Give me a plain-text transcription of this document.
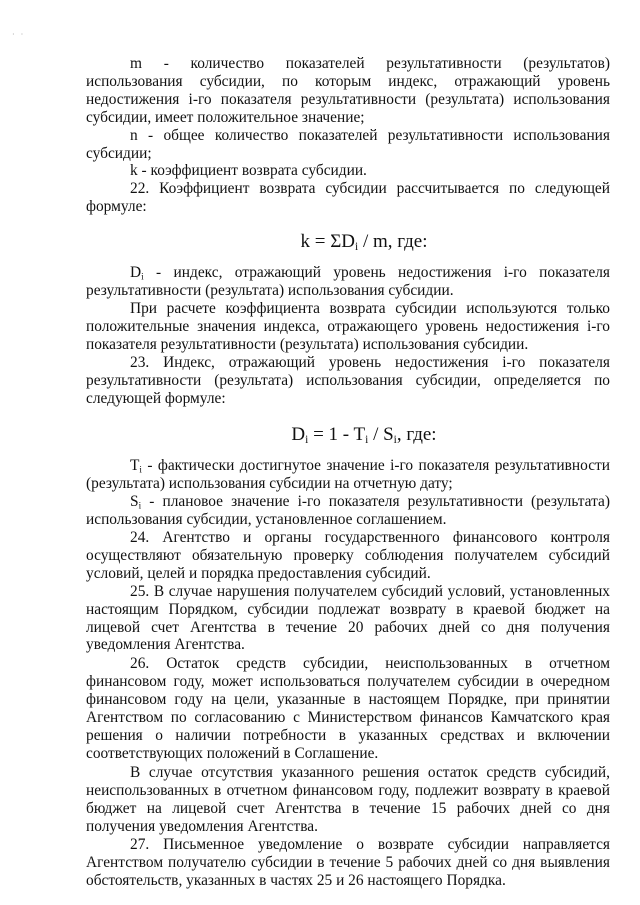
· ·

m - количество показателей результативности (результатов) использования субсидии, по которым индекс, отражающий уровень недостижения i-го показателя результативности (результата) использования субсидии, имеет положительное значение;

n - общее количество показателей результативности использования субсидии;

k - коэффициент возврата субсидии.

22. Коэффициент возврата субсидии рассчитывается по следующей формуле:

$k = \Sigma D_i / m$, где:

$D_i$ - индекс, отражающий уровень недостижения i-го показателя результативности (результата) использования субсидии.

При расчете коэффициента возврата субсидии используются только положительные значения индекса, отражающего уровень недостижения i-го показателя результативности (результата) использования субсидии.

23. Индекс, отражающий уровень недостижения i-го показателя результативности (результата) использования субсидии, определяется по следующей формуле:

$D_i = 1 - T_i / S_i$, где:

$T_i$ - фактически достигнутое значение i-го показателя результативности (результата) использования субсидии на отчетную дату;

$S_i$ - плановое значение i-го показателя результативности (результата) использования субсидии, установленное соглашением.

24. Агентство и органы государственного финансового контроля осуществляют обязательную проверку соблюдения получателем субсидий условий, целей и порядка предоставления субсидий.

25. В случае нарушения получателем субсидий условий, установленных настоящим Порядком, субсидии подлежат возврату в краевой бюджет на лицевой счет Агентства в течение 20 рабочих дней со дня получения уведомления Агентства.

26. Остаток средств субсидии, неиспользованных в отчетном финансовом году, может использоваться получателем субсидии в очередном финансовом году на цели, указанные в настоящем Порядке, при принятии Агентством по согласованию с Министерством финансов Камчатского края решения о наличии потребности в указанных средствах и включении соответствующих положений в Соглашение.

В случае отсутствия указанного решения остаток средств субсидий, неиспользованных в отчетном финансовом году, подлежит возврату в краевой бюджет на лицевой счет Агентства в течение 15 рабочих дней со дня получения уведомления Агентства.

27. Письменное уведомление о возврате субсидии направляется Агентством получателю субсидии в течение 5 рабочих дней со дня выявления обстоятельств, указанных в частях 25 и 26 настоящего Порядка.
